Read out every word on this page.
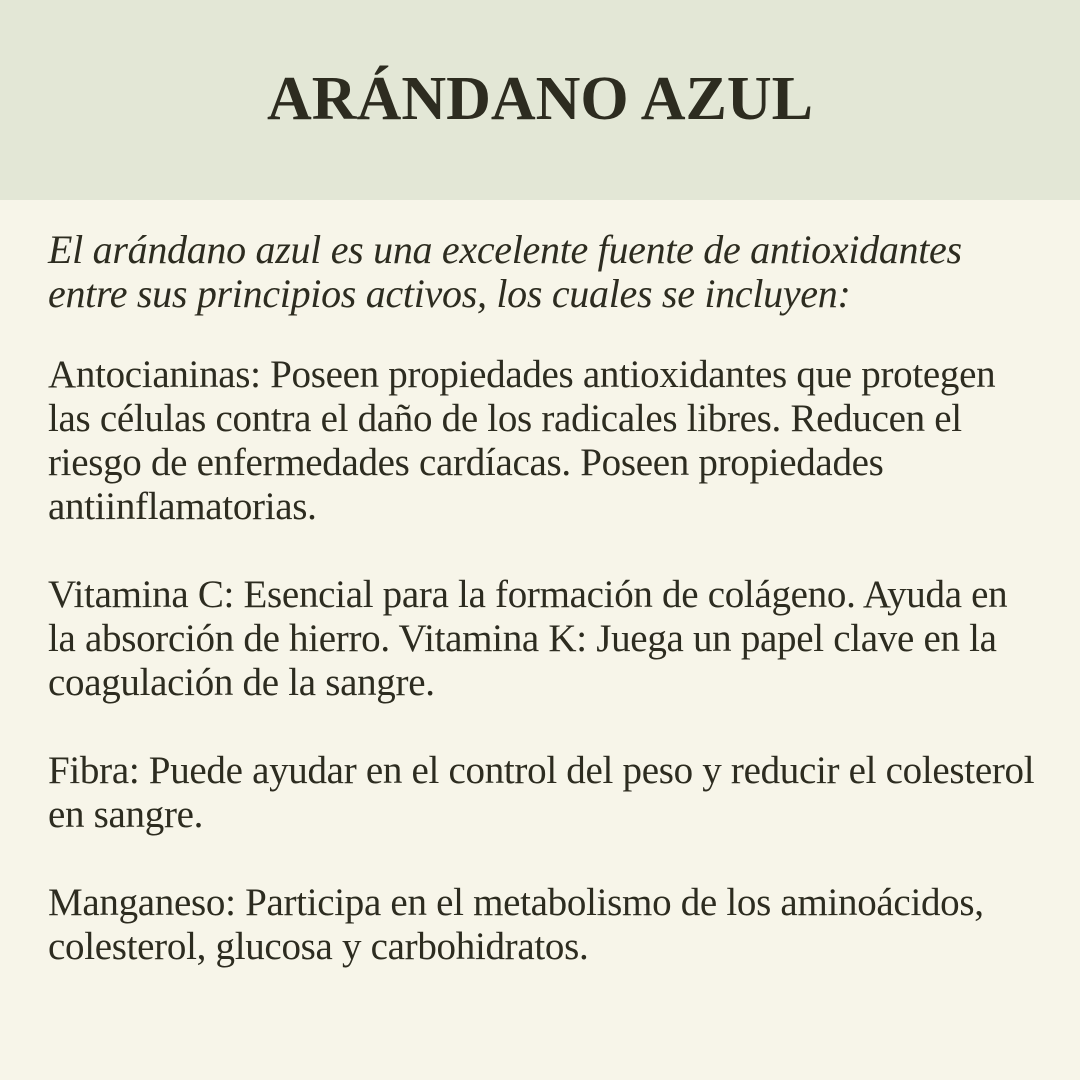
ARÁNDANO AZUL

El arándano azul es una excelente fuente de antioxidantes entre sus principios activos, los cuales se incluyen:

Antocianinas: Poseen propiedades antioxidantes que protegen las células contra el daño de los radicales libres. Reducen el riesgo de enfermedades cardíacas. Poseen propiedades antiinflamatorias.

Vitamina C: Esencial para la formación de colágeno. Ayuda en la absorción de hierro. Vitamina K: Juega un papel clave en la coagulación de la sangre.

Fibra: Puede ayudar en el control del peso y reducir el colesterol en sangre.

Manganeso: Participa en el metabolismo de los aminoácidos, colesterol, glucosa y carbohidratos.
